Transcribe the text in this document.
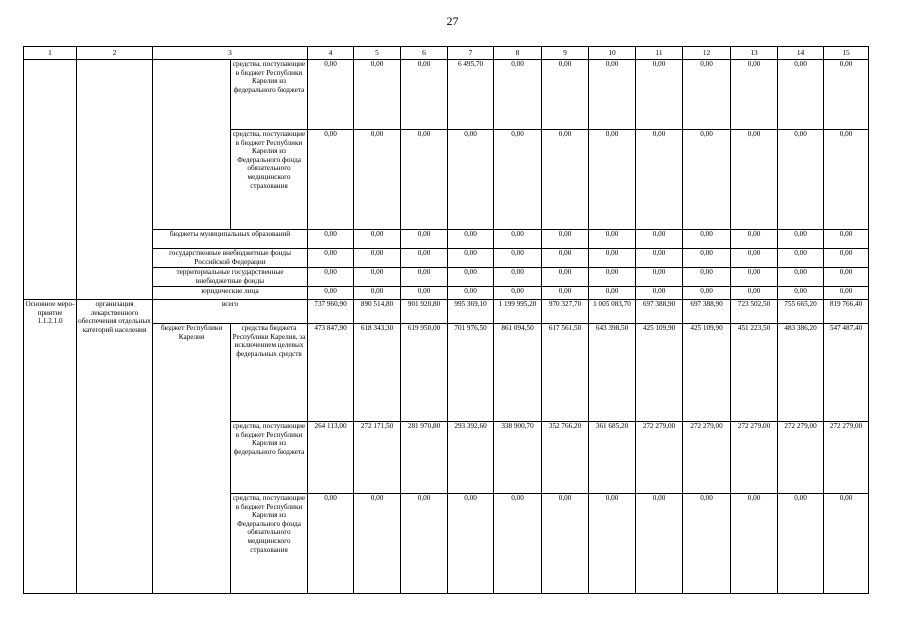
27
1	2	3		4	5	6	7	8	9	10	11	12	13	14	15
			средства, поступающие в бюджет Республики Карелия из федерального бюджета	0,00	0,00	0,00	6 495,70	0,00	0,00	0,00	0,00	0,00	0,00	0,00	0,00
			средства, поступающие в бюджет Республики Карелия из Федерального фонда обязательного медицинского страхования	0,00	0,00	0,00	0,00	0,00	0,00	0,00	0,00	0,00	0,00	0,00	0,00
		бюджеты муниципальных образований		0,00	0,00	0,00	0,00	0,00	0,00	0,00	0,00	0,00	0,00	0,00	0,00
		государственные внебюджетные фонды Российской Федерации		0,00	0,00	0,00	0,00	0,00	0,00	0,00	0,00	0,00	0,00	0,00	0,00
		территориальные государственные внебюджетные фонды		0,00	0,00	0,00	0,00	0,00	0,00	0,00	0,00	0,00	0,00	0,00	0,00
		юридические лица		0,00	0,00	0,00	0,00	0,00	0,00	0,00	0,00	0,00	0,00	0,00	0,00
Основное меро-приятие 1.1.2.1.0	организация лекарственного обеспечения отдельных категорий населения	всего		737 960,90	890 514,80	901 920,80	995 369,10	1 199 995,20	970 327,70	1 005 083,70	697 388,90	697 388,90	723 502,50	755 665,20	819 766,40
		бюджет Республики Карелия	средства бюджета Республики Карелия, за исключением целевых федеральных средств	473 847,90	618 343,30	619 950,00	701 976,50	861 094,50	617 561,50	643 398,50	425 109,90	425 109,90	451 223,50	483 386,20	547 487,40
			средства, поступающие в бюджет Республики Карелия из федерального бюджета	264 113,00	272 171,50	281 970,80	293 392,60	338 900,70	352 766,20	361 685,20	272 279,00	272 279,00	272 279,00	272 279,00	272 279,00
			средства, поступающие в бюджет Республики Карелия из Федерального фонда обязательного медицинского страхования	0,00	0,00	0,00	0,00	0,00	0,00	0,00	0,00	0,00	0,00	0,00	0,00
